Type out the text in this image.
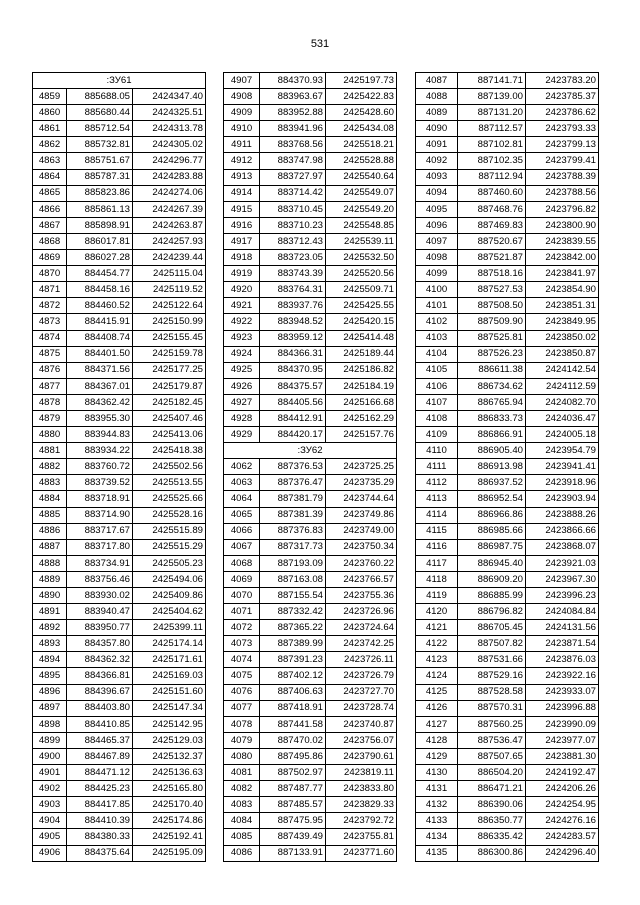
531
:ЗУ61		
4859	885688.05	2424347.40
4860	885680.44	2424325.51
4861	885712.54	2424313.78
4862	885732.81	2424305.02
4863	885751.67	2424296.77
4864	885787.31	2424283.88
4865	885823.86	2424274.06
4866	885861.13	2424267.39
4867	885898.91	2424263.87
4868	886017.81	2424257.93
4869	886027.28	2424239.44
4870	884454.77	2425115.04
4871	884458.16	2425119.52
4872	884460.52	2425122.64
4873	884415.91	2425150.99
4874	884408.74	2425155.45
4875	884401.50	2425159.78
4876	884371.56	2425177.25
4877	884367.01	2425179.87
4878	884362.42	2425182.45
4879	883955.30	2425407.46
4880	883944.83	2425413.06
4881	883934.22	2425418.38
4882	883760.72	2425502.56
4883	883739.52	2425513.55
4884	883718.91	2425525.66
4885	883714.90	2425528.16
4886	883717.67	2425515.89
4887	883717.80	2425515.29
4888	883734.91	2425505.23
4889	883756.46	2425494.06
4890	883930.02	2425409.86
4891	883940.47	2425404.62
4892	883950.77	2425399.11
4893	884357.80	2425174.14
4894	884362.32	2425171.61
4895	884366.81	2425169.03
4896	884396.67	2425151.60
4897	884403.80	2425147.34
4898	884410.85	2425142.95
4899	884465.37	2425129.03
4900	884467.89	2425132.37
4901	884471.12	2425136.63
4902	884425.23	2425165.80
4903	884417.85	2425170.40
4904	884410.39	2425174.86
4905	884380.33	2425192.41
4906	884375.64	2425195.09
4907	884370.93	2425197.73
4908	883963.67	2425422.83
4909	883952.88	2425428.60
4910	883941.96	2425434.08
4911	883768.56	2425518.21
4912	883747.98	2425528.88
4913	883727.97	2425540.64
4914	883714.42	2425549.07
4915	883710.45	2425549.20
4916	883710.23	2425548.85
4917	883712.43	2425539.11
4918	883723.05	2425532.50
4919	883743.39	2425520.56
4920	883764.31	2425509.71
4921	883937.76	2425425.55
4922	883948.52	2425420.15
4923	883959.12	2425414.48
4924	884366.31	2425189.44
4925	884370.95	2425186.82
4926	884375.57	2425184.19
4927	884405.56	2425166.68
4928	884412.91	2425162.29
4929	884420.17	2425157.76
:ЗУ62		
4062	887376.53	2423725.25
4063	887376.47	2423735.29
4064	887381.79	2423744.64
4065	887381.39	2423749.86
4066	887376.83	2423749.00
4067	887317.73	2423750.34
4068	887193.09	2423760.22
4069	887163.08	2423766.57
4070	887155.54	2423755.36
4071	887332.42	2423726.96
4072	887365.22	2423724.64
4073	887389.99	2423742.25
4074	887391.23	2423726.11
4075	887402.12	2423726.79
4076	887406.63	2423727.70
4077	887418.91	2423728.74
4078	887441.58	2423740.87
4079	887470.02	2423756.07
4080	887495.86	2423790.61
4081	887502.97	2423819.11
4082	887487.77	2423833.80
4083	887485.57	2423829.33
4084	887475.95	2423792.72
4085	887439.49	2423755.81
4086	887133.91	2423771.60
4087	887141.71	2423783.20
4088	887139.00	2423785.37
4089	887131.20	2423786.62
4090	887112.57	2423793.33
4091	887102.81	2423799.13
4092	887102.35	2423799.41
4093	887112.94	2423788.39
4094	887460.60	2423788.56
4095	887468.76	2423796.82
4096	887469.83	2423800.90
4097	887520.67	2423839.55
4098	887521.87	2423842.00
4099	887518.16	2423841.97
4100	887527.53	2423854.90
4101	887508.50	2423851.31
4102	887509.90	2423849.95
4103	887525.81	2423850.02
4104	887526.23	2423850.87
4105	886611.38	2424142.54
4106	886734.62	2424112.59
4107	886765.94	2424082.70
4108	886833.73	2424036.47
4109	886866.91	2424005.18
4110	886905.40	2423954.79
4111	886913.98	2423941.41
4112	886937.52	2423918.96
4113	886952.54	2423903.94
4114	886966.86	2423888.26
4115	886985.66	2423866.66
4116	886987.75	2423868.07
4117	886945.40	2423921.03
4118	886909.20	2423967.30
4119	886885.99	2423996.23
4120	886796.82	2424084.84
4121	886705.45	2424131.56
4122	887507.82	2423871.54
4123	887531.66	2423876.03
4124	887529.16	2423922.16
4125	887528.58	2423933.07
4126	887570.31	2423996.88
4127	887560.25	2423990.09
4128	887536.47	2423977.07
4129	887507.65	2423881.30
4130	886504.20	2424192.47
4131	886471.21	2424206.26
4132	886390.06	2424254.95
4133	886350.77	2424276.16
4134	886335.42	2424283.57
4135	886300.86	2424296.40
